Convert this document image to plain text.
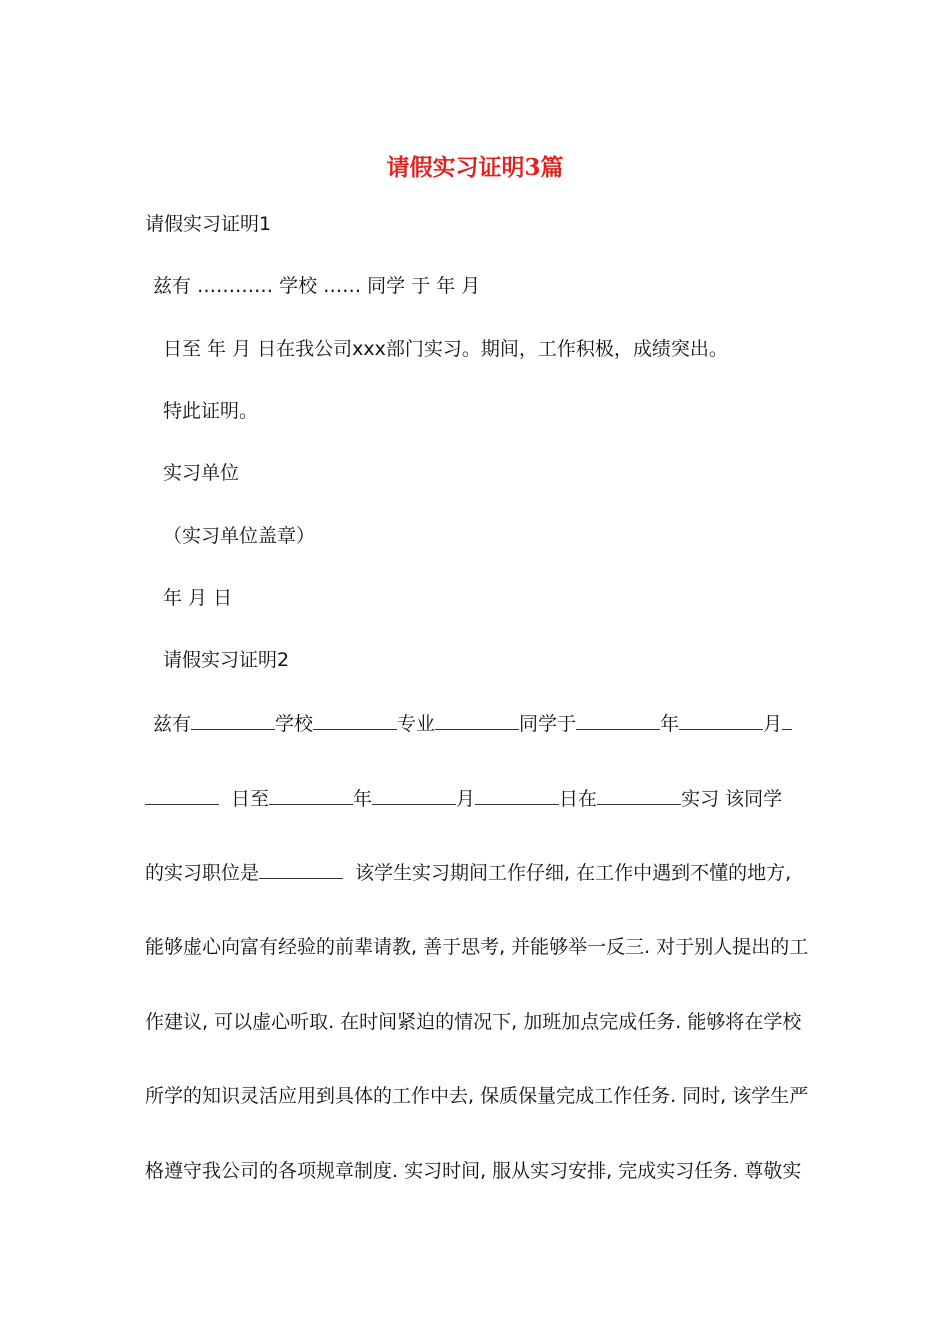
请假实习证明3篇
请假实习证明1
兹有 ………… 学校 …… 同学 于 年 月
日至 年 月 日在我公司xxx部门实习。期间，工作积极，成绩突出。
特此证明。
实习单位
（实习单位盖章）
年 月 日
请假实习证明2
兹有	学校	专业	同学于	年	月
日至	年	月	日在	实习 该同学
的实习职位是	该学生实习期间工作仔细, 在工作中遇到不懂的地方,
能够虚心向富有经验的前辈请教, 善于思考, 并能够举一反三. 对于别人提出的工
作建议, 可以虚心听取. 在时间紧迫的情况下, 加班加点完成任务. 能够将在学校
所学的知识灵活应用到具体的工作中去, 保质保量完成工作任务. 同时, 该学生严
格遵守我公司的各项规章制度. 实习时间, 服从实习安排, 完成实习任务. 尊敬实
